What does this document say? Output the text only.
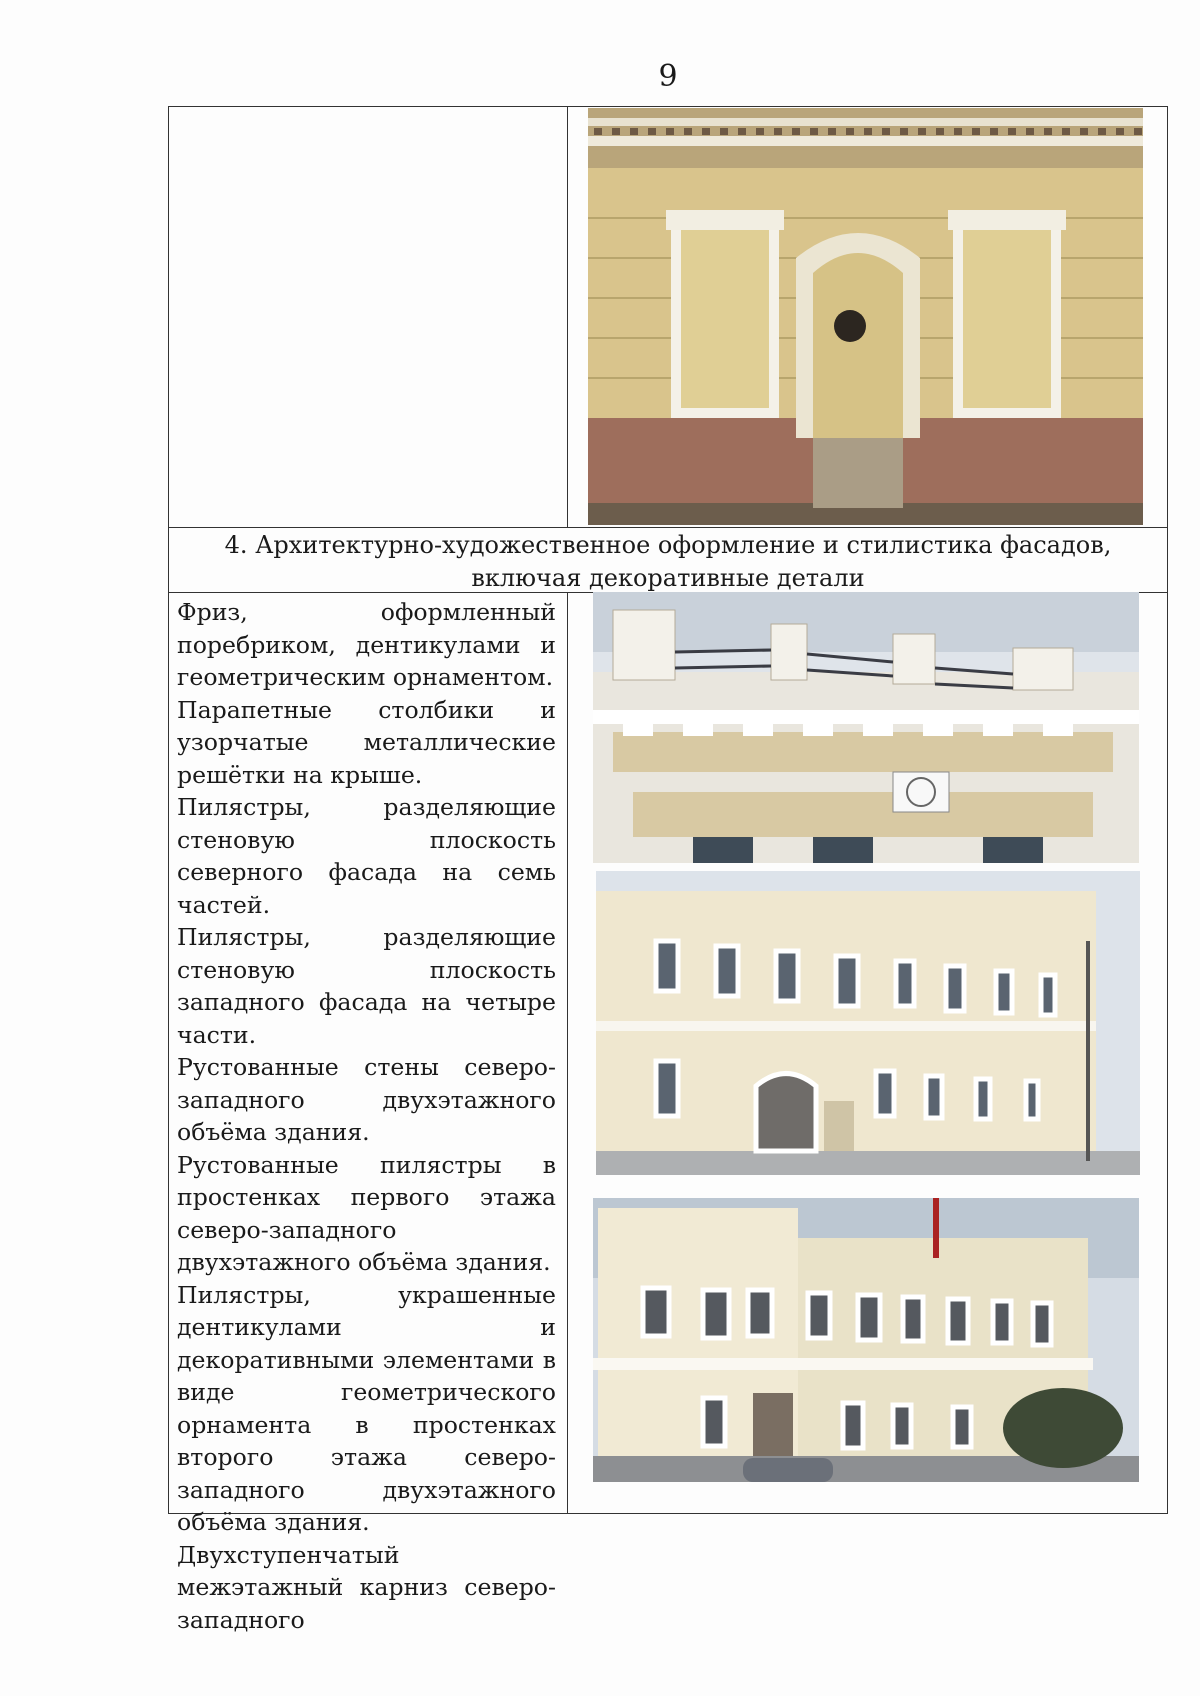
9
4. Архитектурно-художественное оформление и стилистика фасадов,
включая декоративные детали

Фриз, оформленный поребриком, дентикулами и геометрическим орнаментом.

Парапетные столбики и узорчатые металлические решётки на крыше.

Пилястры, разделяющие стеновую плоскость северного фасада на семь частей.

Пилястры, разделяющие стеновую плоскость западного фасада на четыре части.

Рустованные стены северо-западного двухэтажного объёма здания.

Рустованные пилястры в простенках первого этажа северо-западного двухэтажного объёма здания.

Пилястры, украшенные дентикулами и декоративными элементами в виде геометрического орнамента в простенках второго этажа северо-западного двухэтажного объёма здания.

Двухступенчатый межэтажный карниз северо-западного
